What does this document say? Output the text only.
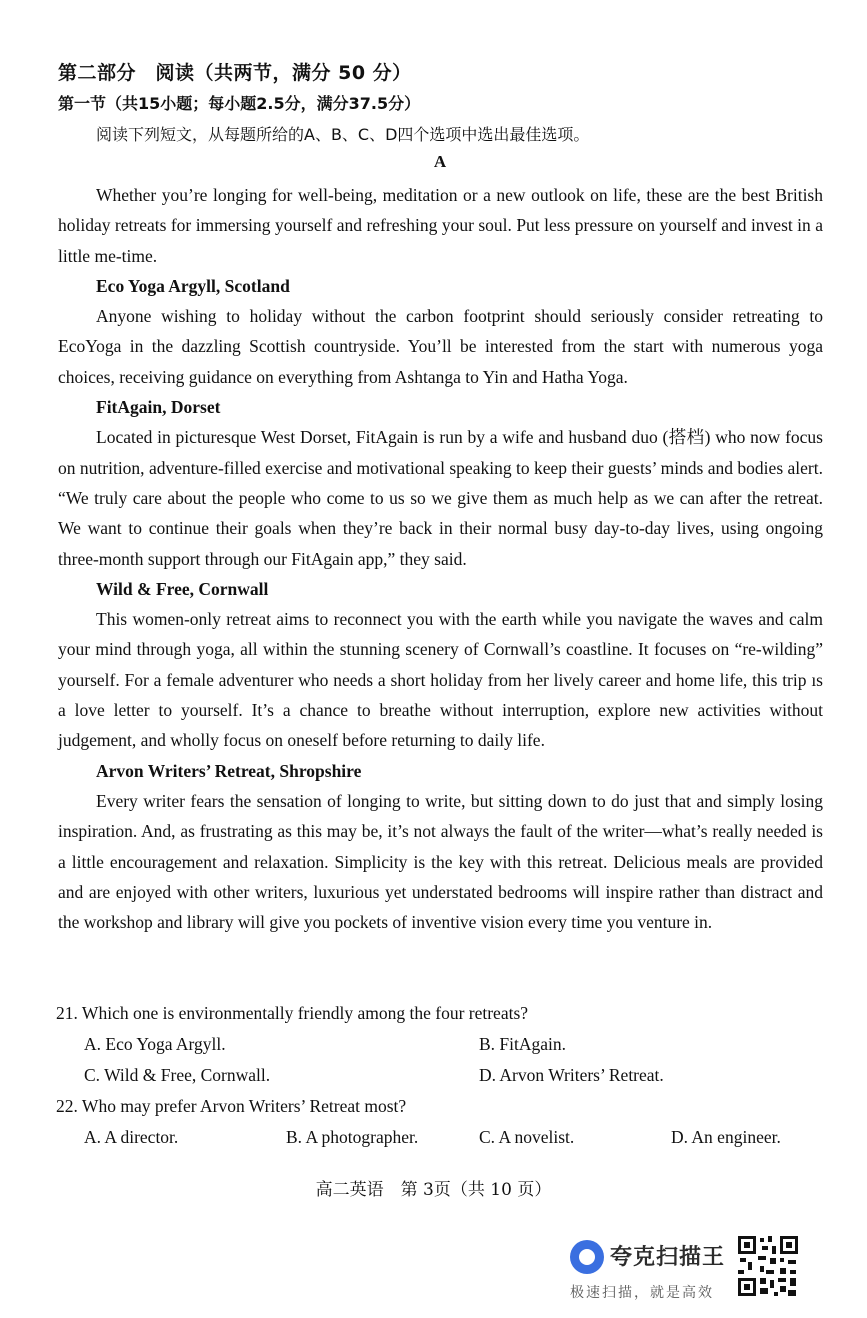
第二部分　阅读（共两节，满分 50 分）
第一节（共15小题；每小题2.5分，满分37.5分）
阅读下列短文，从每题所给的A、B、C、D四个选项中选出最佳选项。
A

Whether you’re longing for well-being, meditation or a new outlook on life, these are the best British holiday retreats for immersing yourself and refreshing your soul. Put less pressure on yourself and invest in a little me-time.

Eco Yoga Argyll, Scotland

Anyone wishing to holiday without the carbon footprint should seriously consider retreating to EcoYoga in the dazzling Scottish countryside. You’ll be interested from the start with numerous yoga choices, receiving guidance on everything from Ashtanga to Yin and Hatha Yoga.

FitAgain, Dorset

Located in picturesque West Dorset, FitAgain is run by a wife and husband duo (搭档) who now focus on nutrition, adventure-filled exercise and motivational speaking to keep their guests’ minds and bodies alert. “We truly care about the people who come to us so we give them as much help as we can after the retreat. We want to continue their goals when they’re back in their normal busy day-to-day lives, using ongoing three-month support through our FitAgain app,” they said.

Wild & Free, Cornwall

This women-only retreat aims to reconnect you with the earth while you navigate the waves and calm your mind through yoga, all within the stunning scenery of Cornwall’s coastline. It focuses on “re-wilding” yourself. For a female adventurer who needs a short holiday from her lively career and home life, this trip ıs a love letter to yourself. It’s a chance to breathe without interruption, explore new activities without judgement, and wholly focus on oneself before returning to daily life.

Arvon Writers’ Retreat, Shropshire

Every writer fears the sensation of longing to write, but sitting down to do just that and simply losing inspiration. And, as frustrating as this may be, it’s not always the fault of the writer—what’s really needed is a little encouragement and relaxation. Simplicity is the key with this retreat. Delicious meals are provided and are enjoyed with other writers, luxurious yet understated bedrooms will inspire rather than distract and the workshop and library will give you pockets of inventive vision every time you venture in.

21. Which one is environmentally friendly among the four retreats?
A. Eco Yoga Argyll.	B. FitAgain.
C. Wild & Free, Cornwall.	D. Arvon Writers’ Retreat.
22. Who may prefer Arvon Writers’ Retreat most?
A. A director.	B. A photographer.	C. A novelist.	D. An engineer.
高二英语　第 3页（共 10 页）
夸克扫描王
极速扫描，就是高效
